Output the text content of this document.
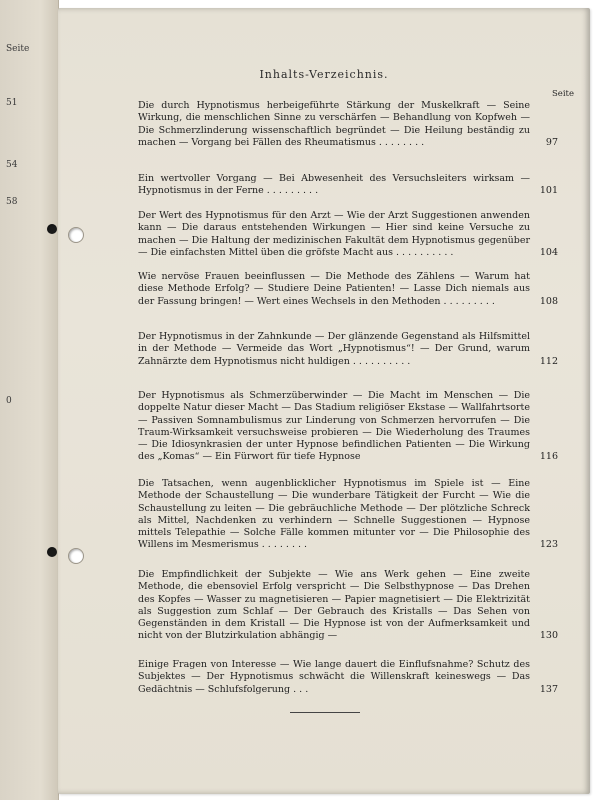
Seite
51
54
58
0
Inhalts-Verzeichnis.
Seite
Die durch Hypnotismus herbeigeführte Stärkung der Muskelkraft — Seine Wirkung, die menschlichen Sinne zu verschärfen — Behandlung von Kopfweh — Die Schmerzlinderung wissenschaftlich begründet — Die Heilung beständig zu machen — Vorgang bei Fällen des Rheumatismus . . . . . . . .	97
Ein wertvoller Vorgang — Bei Abwesenheit des Versuchsleiters wirksam — Hypnotismus in der Ferne . . . . . . . . .	101
Der Wert des Hypnotismus für den Arzt — Wie der Arzt Suggestionen anwenden kann — Die daraus entstehenden Wirkungen — Hier sind keine Versuche zu machen — Die Haltung der medizinischen Fakultät dem Hypnotismus gegenüber — Die einfachsten Mittel üben die gröfste Macht aus . . . . . . . . . .	104
Wie nervöse Frauen beeinflussen — Die Methode des Zählens — Warum hat diese Methode Erfolg? — Studiere Deine Patienten! — Lasse Dich niemals aus der Fassung bringen! — Wert eines Wechsels in den Methoden . . . . . . . . .	108
Der Hypnotismus in der Zahnkunde — Der glänzende Gegenstand als Hilfsmittel in der Methode — Vermeide das Wort „Hypnotismus“! — Der Grund, warum Zahnärzte dem Hypnotismus nicht huldigen . . . . . . . . . .	112
Der Hypnotismus als Schmerzüberwinder — Die Macht im Menschen — Die doppelte Natur dieser Macht — Das Stadium religiöser Ekstase — Wallfahrtsorte — Passiven Somnambulismus zur Linderung von Schmerzen hervorrufen — Die Traum-Wirksamkeit versuchsweise probieren — Die Wiederholung des Traumes — Die Idiosynkrasien der unter Hypnose befindlichen Patienten — Die Wirkung des „Komas“ — Ein Fürwort für tiefe Hypnose	116
Die Tatsachen, wenn augenblicklicher Hypnotismus im Spiele ist — Eine Methode der Schaustellung — Die wunderbare Tätigkeit der Furcht — Wie die Schaustellung zu leiten — Die gebräuchliche Methode — Der plötzliche Schreck als Mittel, Nachdenken zu verhindern — Schnelle Suggestionen — Hypnose mittels Telepathie — Solche Fälle kommen mitunter vor — Die Philosophie des Willens im Mesmerismus . . . . . . . .	123
Die Empfindlichkeit der Subjekte — Wie ans Werk gehen — Eine zweite Methode, die ebensoviel Erfolg verspricht — Die Selbsthypnose — Das Drehen des Kopfes — Wasser zu magnetisieren — Papier magnetisiert — Die Elektrizität als Suggestion zum Schlaf — Der Gebrauch des Kristalls — Das Sehen von Gegenständen in dem Kristall — Die Hypnose ist von der Aufmerksamkeit und nicht von der Blutzirkulation abhängig —	130
Einige Fragen von Interesse — Wie lange dauert die Einflufsnahme? Schutz des Subjektes — Der Hypnotismus schwächt die Willenskraft keineswegs — Das Gedächtnis — Schlufsfolgerung . . .	137
